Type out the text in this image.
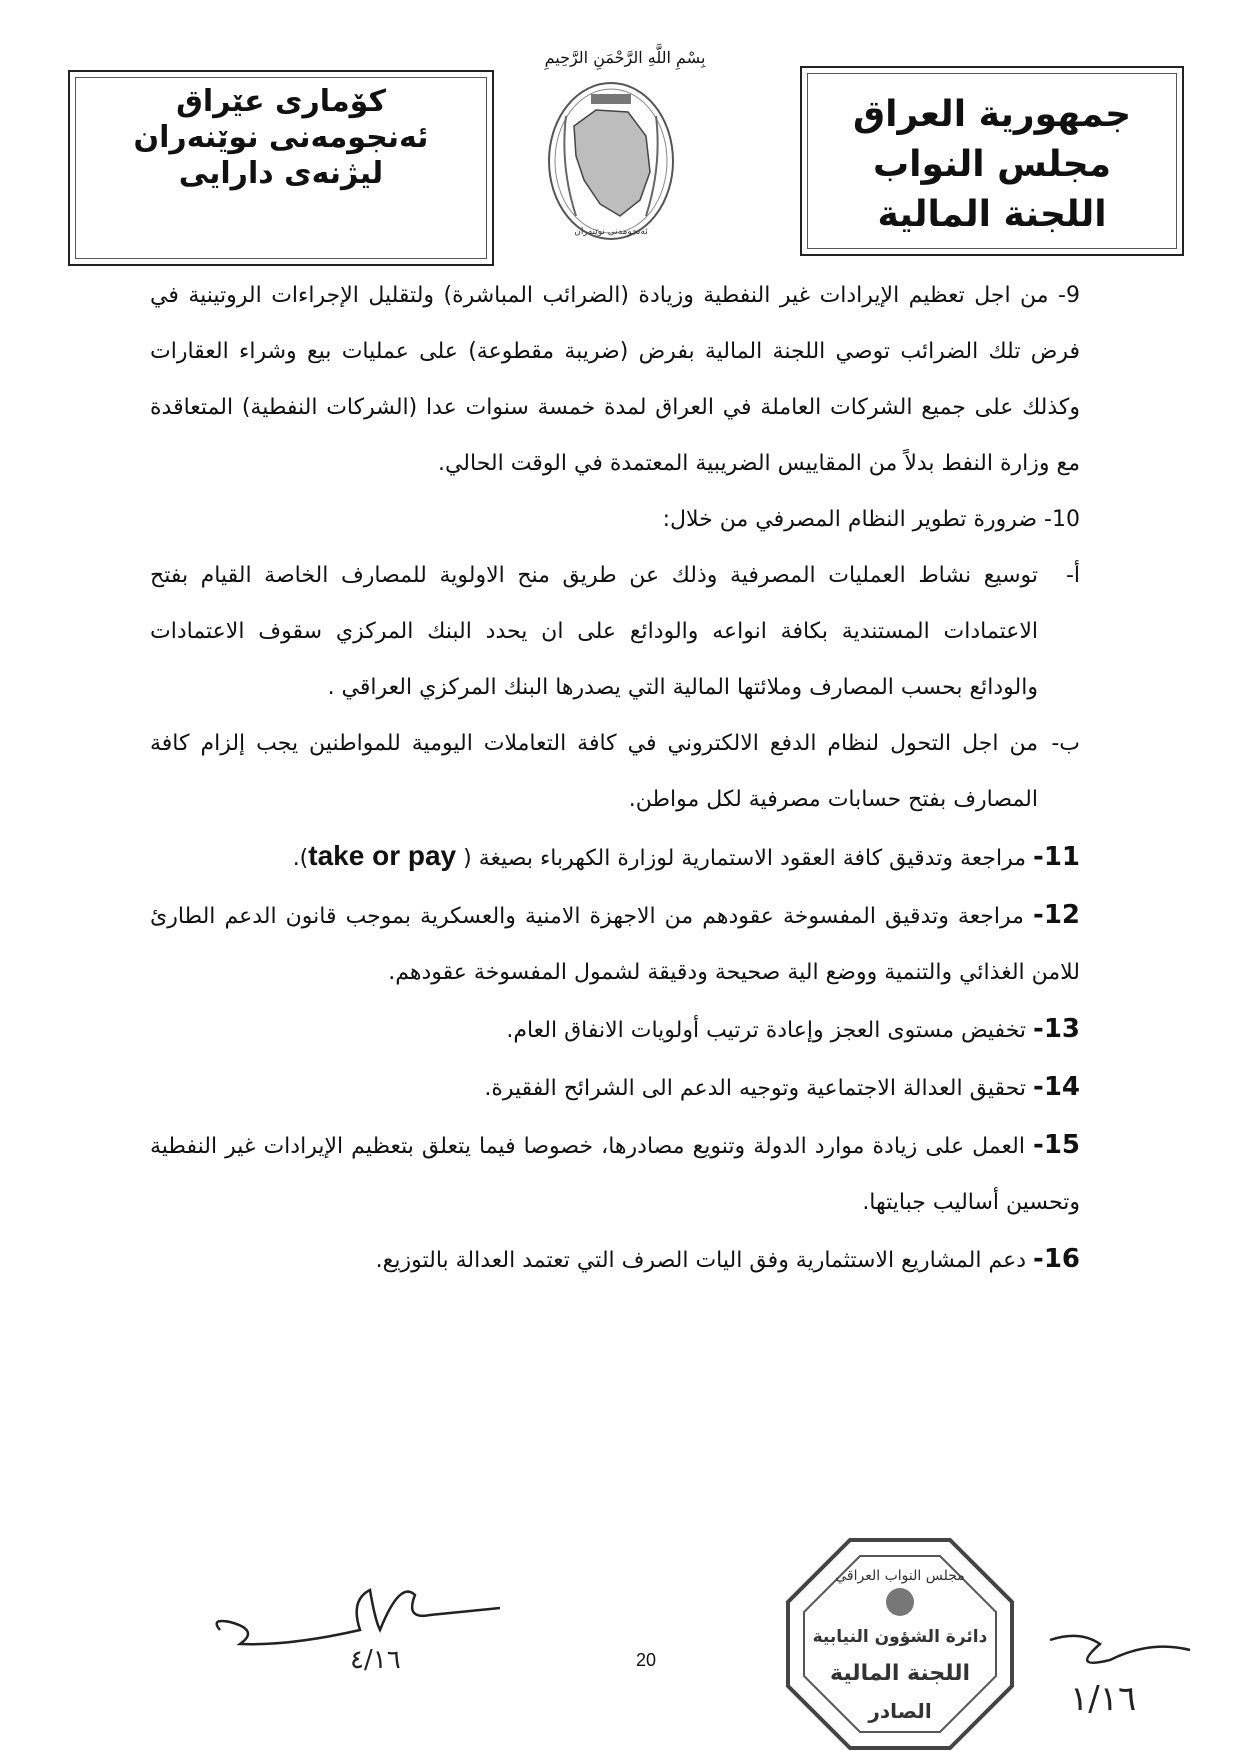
بِسْمِ اللَّهِ الرَّحْمَنِ الرَّحِيمِ
جمهورية العراق
مجلس النواب
اللجنة المالية
كۆماری عێراق
ئەنجومەنی نوێنەران
لیژنەی دارایی
ئەنجومەنی نوێنەران

9- من اجل تعظيم الإيرادات غير النفطية وزيادة (الضرائب المباشرة) ولتقليل الإجراءات الروتينية في فرض تلك الضرائب توصي اللجنة المالية بفرض (ضريبة مقطوعة) على عمليات بيع وشراء العقارات وكذلك على جميع الشركات العاملة في العراق لمدة خمسة سنوات عدا (الشركات النفطية) المتعاقدة مع وزارة النفط بدلاً من المقاييس الضريبية المعتمدة في الوقت الحالي.

10- ضرورة تطوير النظام المصرفي من خلال:

أ-
توسيع نشاط العمليات المصرفية وذلك عن طريق منح الاولوية للمصارف الخاصة القيام بفتح الاعتمادات المستندية بكافة انواعه والودائع على ان يحدد البنك المركزي سقوف الاعتمادات والودائع بحسب المصارف وملائتها المالية التي يصدرها البنك المركزي العراقي .
ب-
من اجل التحول لنظام الدفع الالكتروني في كافة التعاملات اليومية للمواطنين يجب إلزام كافة المصارف بفتح حسابات مصرفية لكل مواطن.

11- مراجعة وتدقيق كافة العقود الاستمارية لوزارة الكهرباء بصيغة ( take or pay).

12- مراجعة وتدقيق المفسوخة عقودهم من الاجهزة الامنية والعسكرية بموجب قانون الدعم الطارئ للامن الغذائي والتنمية ووضع الية صحيحة ودقيقة لشمول المفسوخة عقودهم.

13- تخفيض مستوى العجز وإعادة ترتيب أولويات الانفاق العام.

14- تحقيق العدالة الاجتماعية وتوجيه الدعم الى الشرائح الفقيرة.

15- العمل على زيادة موارد الدولة وتنويع مصادرها، خصوصا فيما يتعلق بتعظيم الإيرادات غير النفطية وتحسين أساليب جبايتها.

16- دعم المشاريع الاستثمارية وفق اليات الصرف التي تعتمد العدالة بالتوزيع.

٤/١٦	20
مجلس النواب العراقي
دائرة الشؤون النيابية
اللجنة المالية
الصادر	١/١٦
